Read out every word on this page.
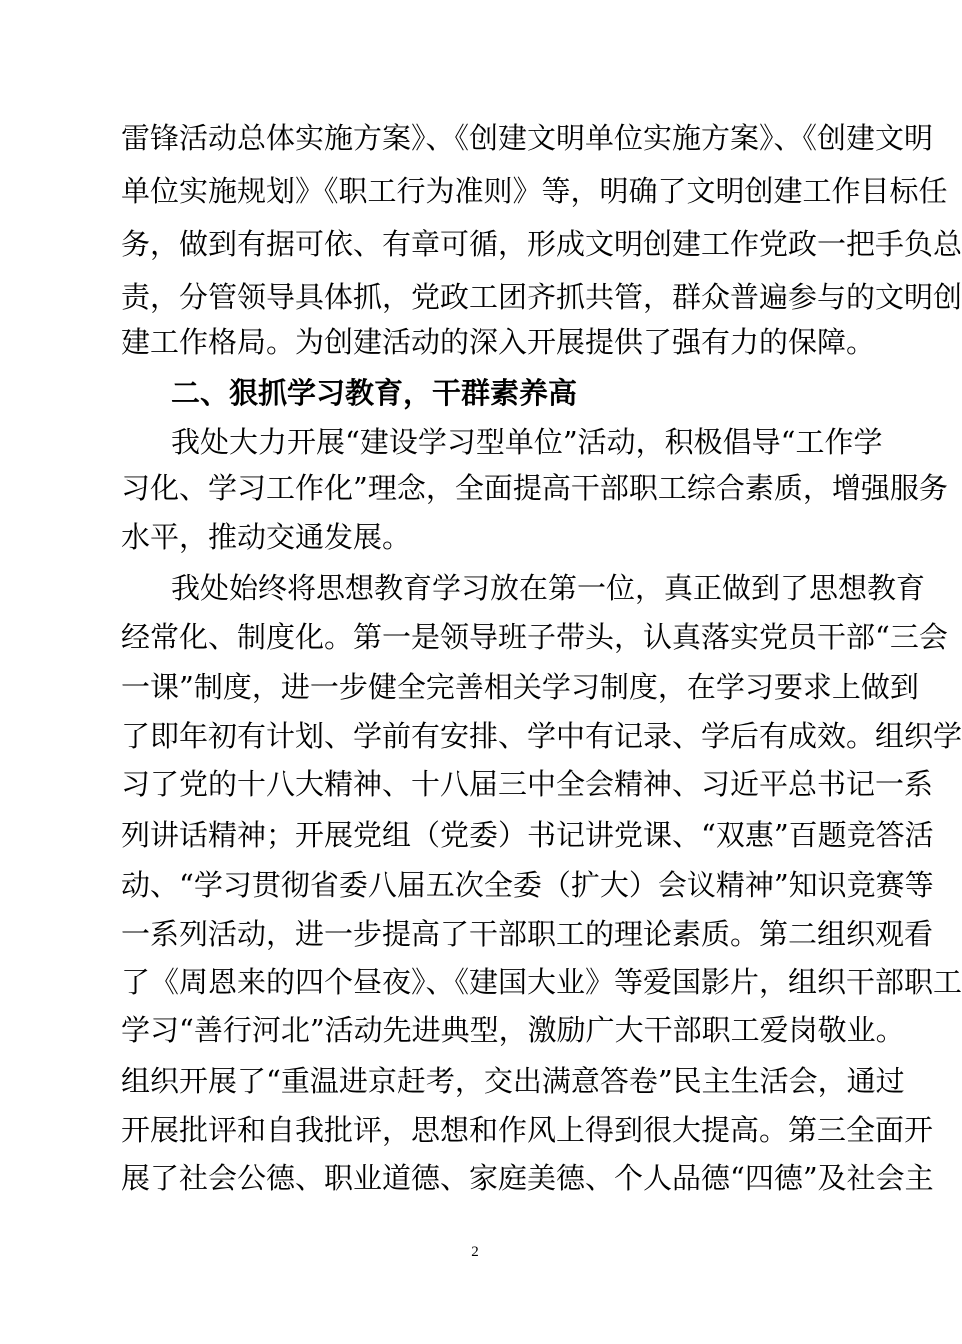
雷锋活动总体实施方案》、《创建文明单位实施方案》、《创建文明
单位实施规划》《职工行为准则》等，明确了文明创建工作目标任
务，做到有据可依、有章可循，形成文明创建工作党政一把手负总
责，分管领导具体抓，党政工团齐抓共管，群众普遍参与的文明创
建工作格局。为创建活动的深入开展提供了强有力的保障。
二、狠抓学习教育，干群素养高
我处大力开展“建设学习型单位”活动，积极倡导“工作学
习化、学习工作化”理念，全面提高干部职工综合素质，增强服务
水平，推动交通发展。
我处始终将思想教育学习放在第一位，真正做到了思想教育
经常化、制度化。第一是领导班子带头，认真落实党员干部“三会
一课”制度，进一步健全完善相关学习制度，在学习要求上做到
了即年初有计划、学前有安排、学中有记录、学后有成效。组织学
习了党的十八大精神、十八届三中全会精神、习近平总书记一系
列讲话精神；开展党组（党委）书记讲党课、“双惠”百题竞答活
动、“学习贯彻省委八届五次全委（扩大）会议精神”知识竞赛等
一系列活动，进一步提高了干部职工的理论素质。第二组织观看
了《周恩来的四个昼夜》、《建国大业》等爱国影片，组织干部职工
学习“善行河北”活动先进典型，激励广大干部职工爱岗敬业。
组织开展了“重温进京赶考，交出满意答卷”民主生活会，通过
开展批评和自我批评，思想和作风上得到很大提高。第三全面开
展了社会公德、职业道德、家庭美德、个人品德“四德”及社会主
2
